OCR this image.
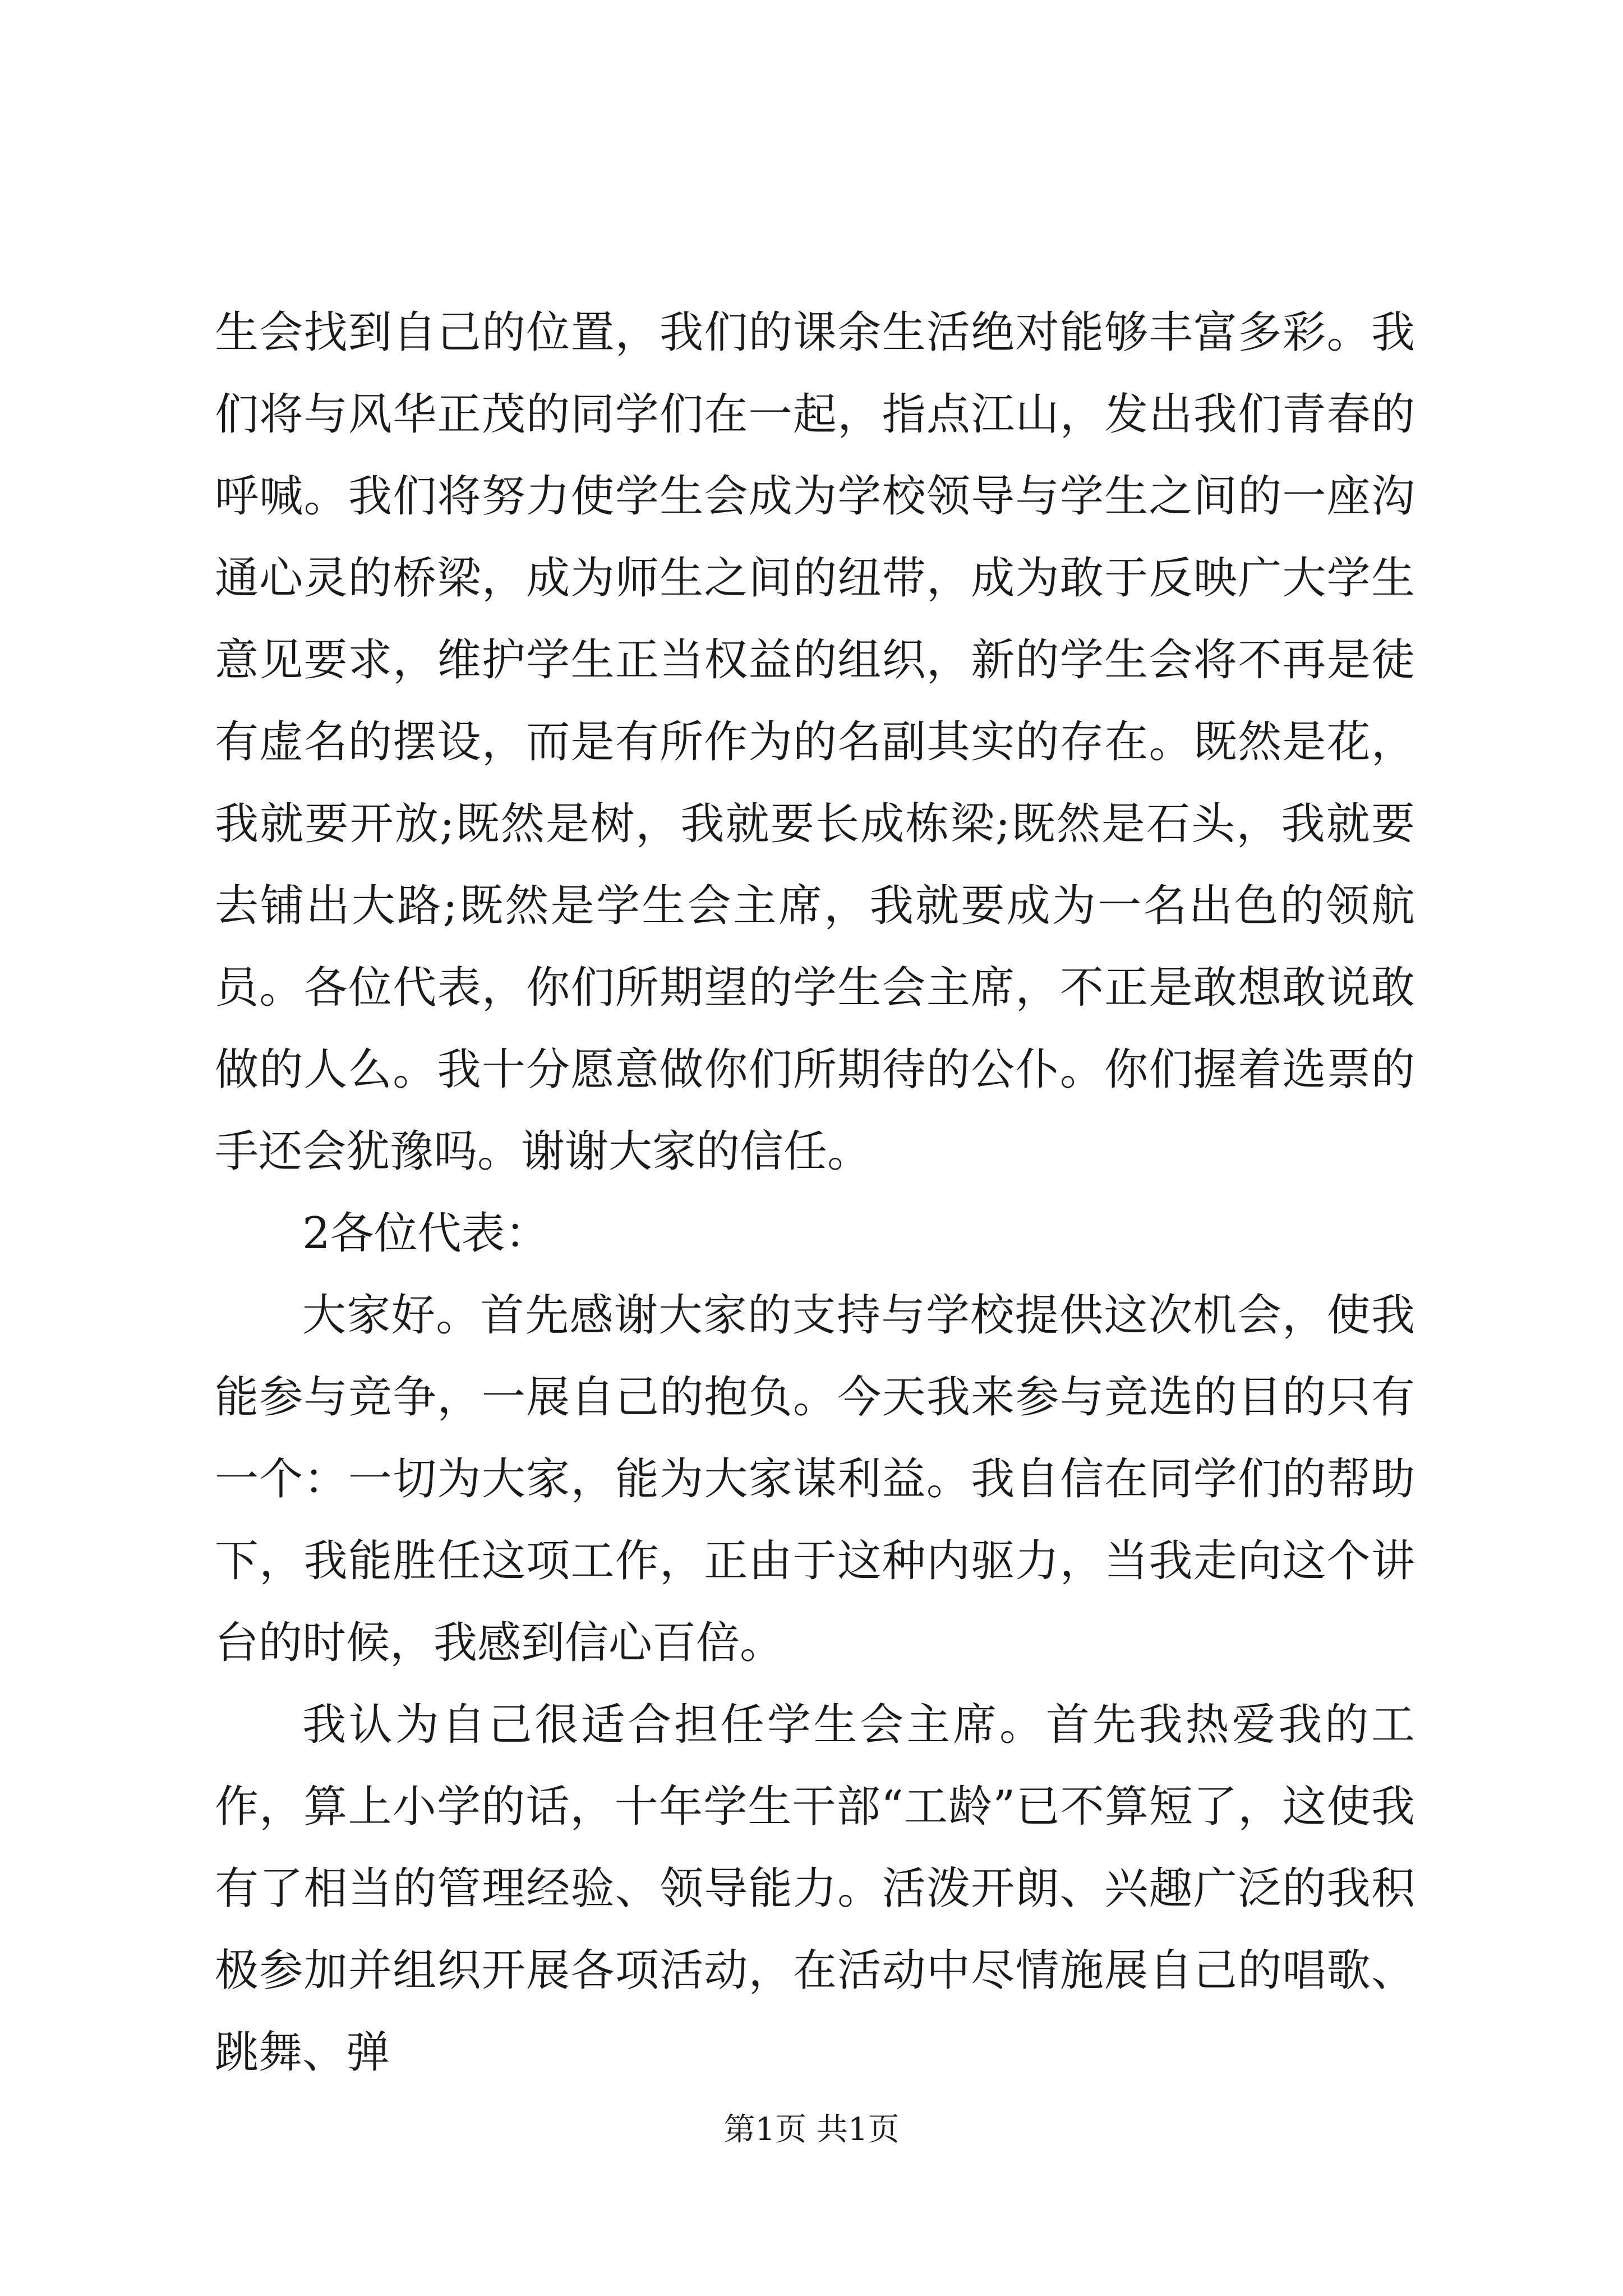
生会找到自己的位置，我们的课余生活绝对能够丰富多彩。我们将与风华正茂的同学们在一起，指点江山，发出我们青春的呼喊。我们将努力使学生会成为学校领导与学生之间的一座沟通心灵的桥梁，成为师生之间的纽带，成为敢于反映广大学生意见要求，维护学生正当权益的组织，新的学生会将不再是徒有虚名的摆设，而是有所作为的名副其实的存在。既然是花，我就要开放;既然是树，我就要长成栋梁;既然是石头，我就要去铺出大路;既然是学生会主席，我就要成为一名出色的领航员。各位代表，你们所期望的学生会主席，不正是敢想敢说敢做的人么。我十分愿意做你们所期待的公仆。你们握着选票的手还会犹豫吗。谢谢大家的信任。

2各位代表：

大家好。首先感谢大家的支持与学校提供这次机会，使我能参与竞争，一展自己的抱负。今天我来参与竞选的目的只有一个：一切为大家，能为大家谋利益。我自信在同学们的帮助下，我能胜任这项工作，正由于这种内驱力，当我走向这个讲台的时候，我感到信心百倍。

我认为自己很适合担任学生会主席。首先我热爱我的工作，算上小学的话，十年学生干部“工龄”已不算短了，这使我有了相当的管理经验、领导能力。活泼开朗、兴趣广泛的我积极参加并组织开展各项活动，在活动中尽情施展自己的唱歌、跳舞、弹

第1页 共1页
